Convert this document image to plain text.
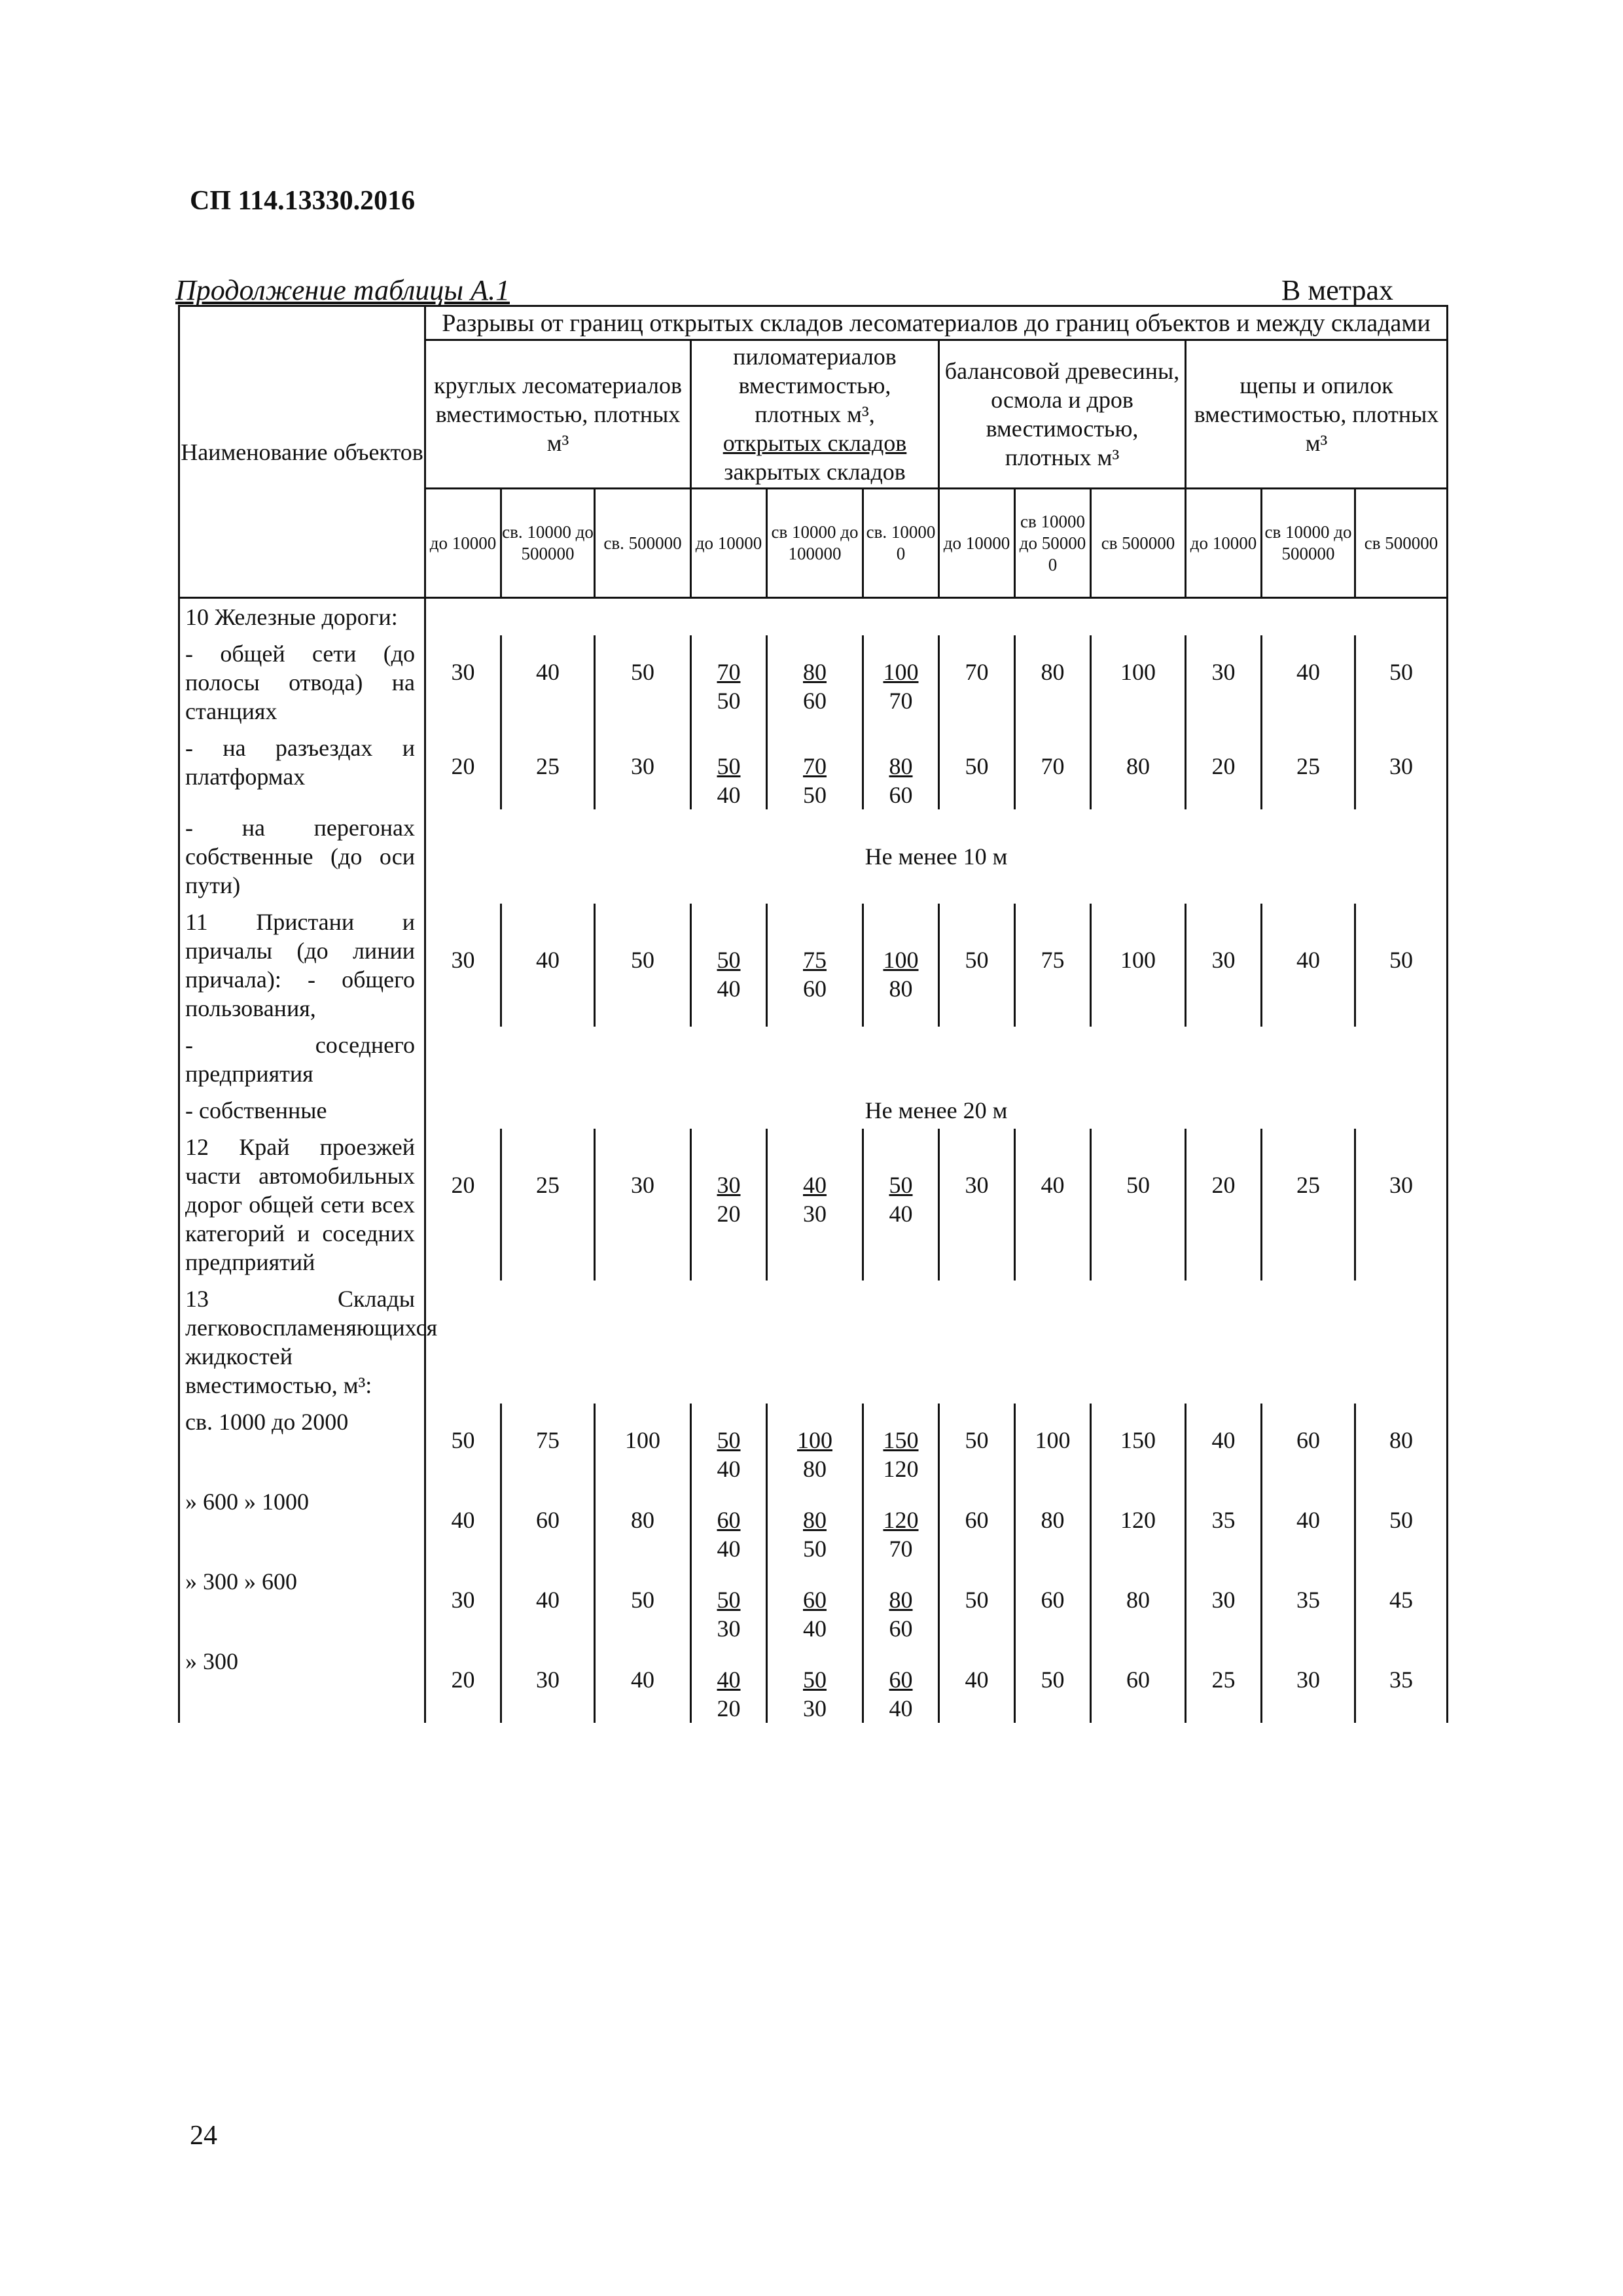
СП 114.13330.2016
Продолжение таблицы А.1	В метрах
Наименование объектов	Разрывы от границ открытых складов лесоматериалов до границ объектов и между складами											
	круглых лесоматериалов вместимостью, плотных м³			пиломатериалов вместимостью, плотных м³,
открытых складов
закрытых складов			балансовой древесины, осмола и дров вместимостью, плотных м³			щепы и опилок вместимостью, плотных м³		
	до 10000	св. 10000 до 500000	св. 500000	до 10000	св 10000 до 100000	св. 10000 0	до 10000	св 10000 до 50000 0	св 500000	до 10000	св 10000 до 500000	св 500000
10 Железные дороги:												
- общей сети (до полосы отвода) на станциях	30	40	50	$\frac{70}{50}$	$\frac{80}{60}$	$\frac{100}{70}$	70	80	100	30	40	50
- на разъездах и платформах	20	25	30	$\frac{50}{40}$	$\frac{70}{50}$	$\frac{80}{60}$	50	70	80	20	25	30
- на перегонах собственные (до оси пути)	Не менее 10 м											
11 Пристани и причалы (до линии причала): - общего пользования,	30	40	50	$\frac{50}{40}$	$\frac{75}{60}$	$\frac{100}{80}$	50	75	100	30	40	50
- соседнего предприятия												
- собственные	Не менее 20 м											
12 Край проезжей части автомобильных дорог общей сети всех категорий и соседних предприятий	20	25	30	$\frac{30}{20}$	$\frac{40}{30}$	$\frac{50}{40}$	30	40	50	20	25	30
13 Склады легковоспламеняющихся жидкостей вместимостью, м³:												
св. 1000 до 2000	50	75	100	$\frac{50}{40}$	$\frac{100}{80}$	$\frac{150}{120}$	50	100	150	40	60	80
» 600 » 1000	40	60	80	$\frac{60}{40}$	$\frac{80}{50}$	$\frac{120}{70}$	60	80	120	35	40	50
» 300 » 600	30	40	50	$\frac{50}{30}$	$\frac{60}{40}$	$\frac{80}{60}$	50	60	80	30	35	45
» 300	20	30	40	$\frac{40}{20}$	$\frac{50}{30}$	$\frac{60}{40}$	40	50	60	25	30	35
24
